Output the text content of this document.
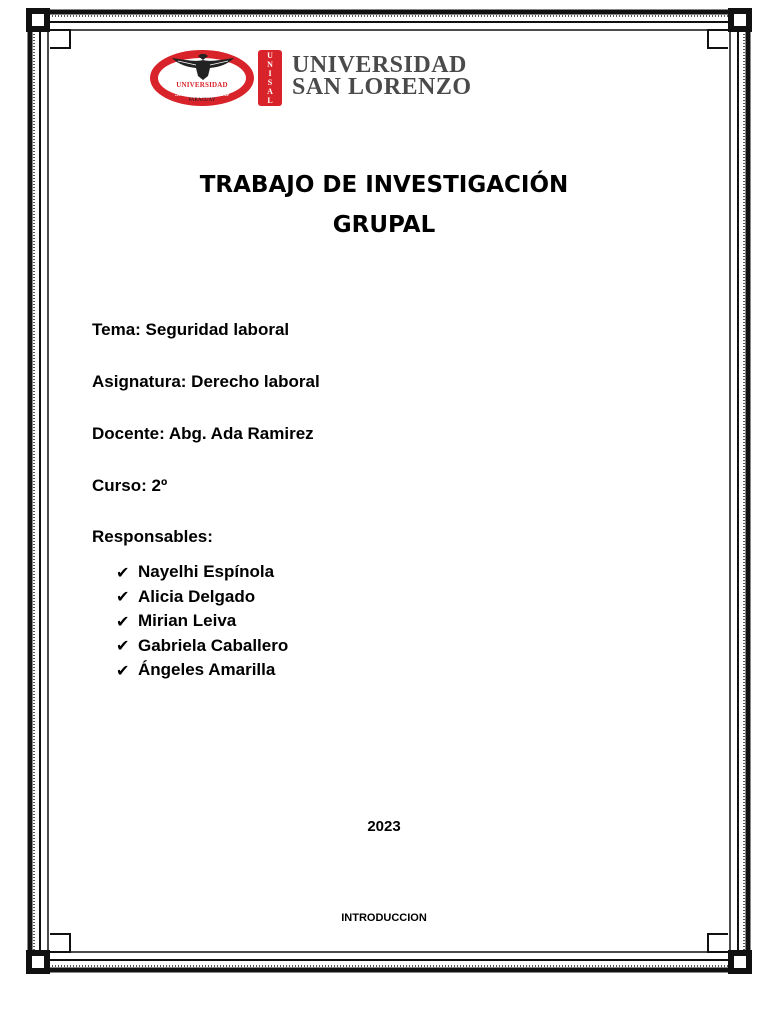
UNIVERSIDAD
SAN LORENZO
PARAGUAY
U
N
I
S
A
L
UNIVERSIDAD
SAN LORENZO
TRABAJO DE INVESTIGACIÓN
GRUPAL
Tema: Seguridad laboral
Asignatura: Derecho laboral
Docente: Abg. Ada Ramirez
Curso: 2º
Responsables:
✔ Nayelhi Espínola
✔ Alicia Delgado
✔ Mirian Leiva
✔ Gabriela Caballero
✔ Ángeles Amarilla
2023
INTRODUCCION
